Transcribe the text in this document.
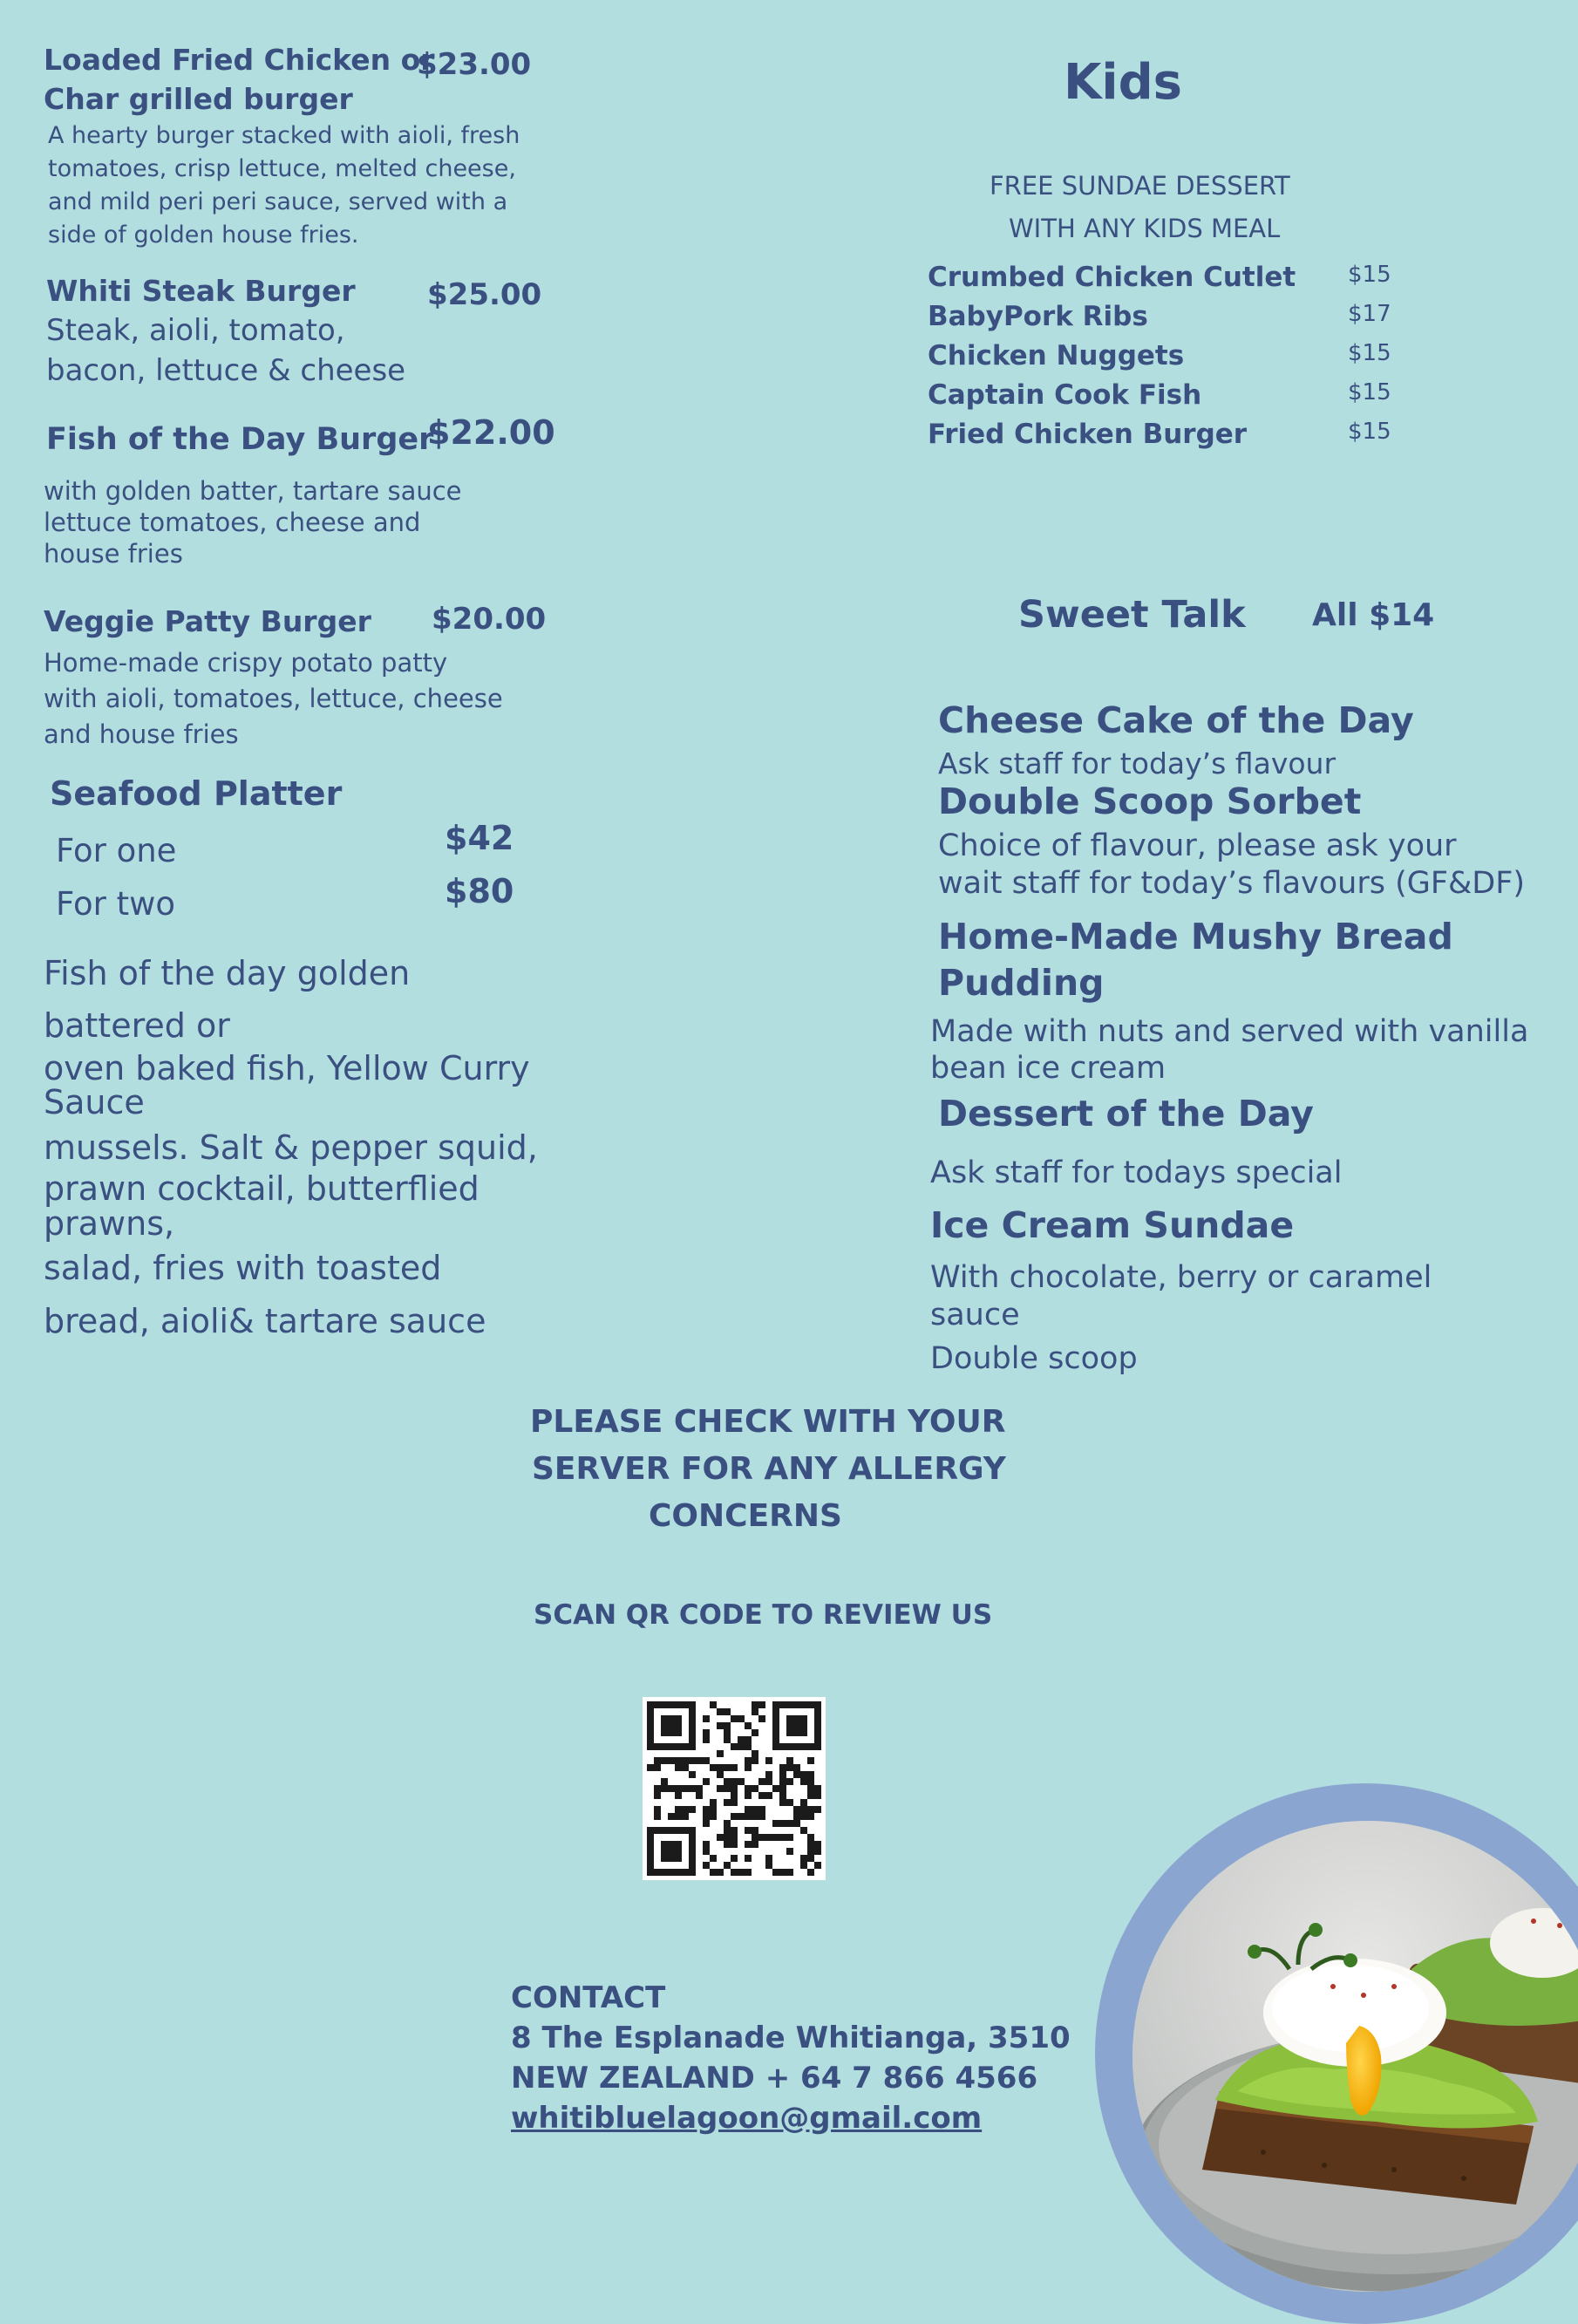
Loaded Fried Chicken or

Char grilled burger

$23.00

A hearty burger stacked with aioli, fresh
tomatoes, crisp lettuce, melted cheese,
and mild peri peri sauce, served with a
side of golden house fries.

Whiti Steak Burger $25.00

Steak, aioli, tomato,
bacon, lettuce & cheese

Fish of the Day Burger

$22.00

with golden batter, tartare sauce
lettuce tomatoes, cheese and
house fries

Veggie Patty Burger $20.00

Home-made crispy potato patty
with aioli, tomatoes, lettuce, cheese
and house fries

Seafood Platter

For one	$42

For two	$80

Fish of the day golden

battered or

oven baked fish, Yellow Curry

Sauce

mussels. Salt & pepper squid,

prawn cocktail, butterflied

prawns,

salad, fries with toasted

bread, aioli& tartare sauce

Kids

FREE SUNDAE DESSERT

WITH ANY KIDS MEAL

Crumbed Chicken Cutlet $15

BabyPork Ribs	$17

Chicken Nuggets	$15

Captain Cook Fish	$15

Fried Chicken Burger	$15

Sweet Talk All $14

Cheese Cake of the Day

Ask staff for today’s flavour

Double Scoop Sorbet

Choice of flavour, please ask your

wait staff for today’s flavours (GF&DF)

Home-Made Mushy Bread

Pudding

Made with nuts and served with vanilla

bean ice cream

Dessert of the Day

Ask staff for todays special

Ice Cream Sundae

With chocolate, berry or caramel

sauce

Double scoop

PLEASE CHECK WITH YOUR

SERVER FOR ANY ALLERGY

CONCERNS

SCAN QR CODE TO REVIEW US

CONTACT

8 The Esplanade Whitianga, 3510

NEW ZEALAND + 64 7 866 4566

whitibluelagoon@gmail.com
